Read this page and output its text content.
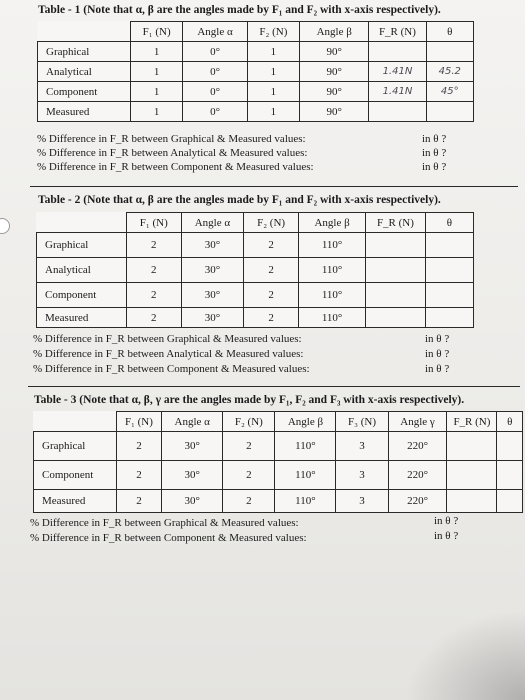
Table - 1 (Note that α, β are the angles made by F₁ and F₂ with x-axis respectively).
	F₁ (N)	Angle α	F₂ (N)	Angle β	F_R (N)	θ
Graphical	1	0°	1	90°		
Analytical	1	0°	1	90°	1.41N	45.2
Component	1	0°	1	90°	1.41N	45°
Measured	1	0°	1	90°		
% Difference in F_R between Graphical & Measured values:
% Difference in F_R between Analytical & Measured values:
% Difference in F_R between Component & Measured values:
in θ ?
in θ ?
in θ ?
Table - 2 (Note that α, β are the angles made by F₁ and F₂ with x-axis respectively).
	F₁ (N)	Angle α	F₂ (N)	Angle β	F_R (N)	θ
Graphical	2	30°	2	110°		
Analytical	2	30°	2	110°		
Component	2	30°	2	110°		
Measured	2	30°	2	110°		
% Difference in F_R between Graphical & Measured values:
% Difference in F_R between Analytical & Measured values:
% Difference in F_R between Component & Measured values:
in θ ?
in θ ?
in θ ?
Table - 3 (Note that α, β, γ are the angles made by F₁, F₂ and F₃ with x-axis respectively).
	F₁ (N)	Angle α	F₂ (N)	Angle β	F₃ (N)	Angle γ	F_R (N)	θ
Graphical	2	30°	2	110°	3	220°		
Component	2	30°	2	110°	3	220°		
Measured	2	30°	2	110°	3	220°		
% Difference in F_R between Graphical & Measured values:
% Difference in F_R between Component & Measured values:
in θ ?
in θ ?
